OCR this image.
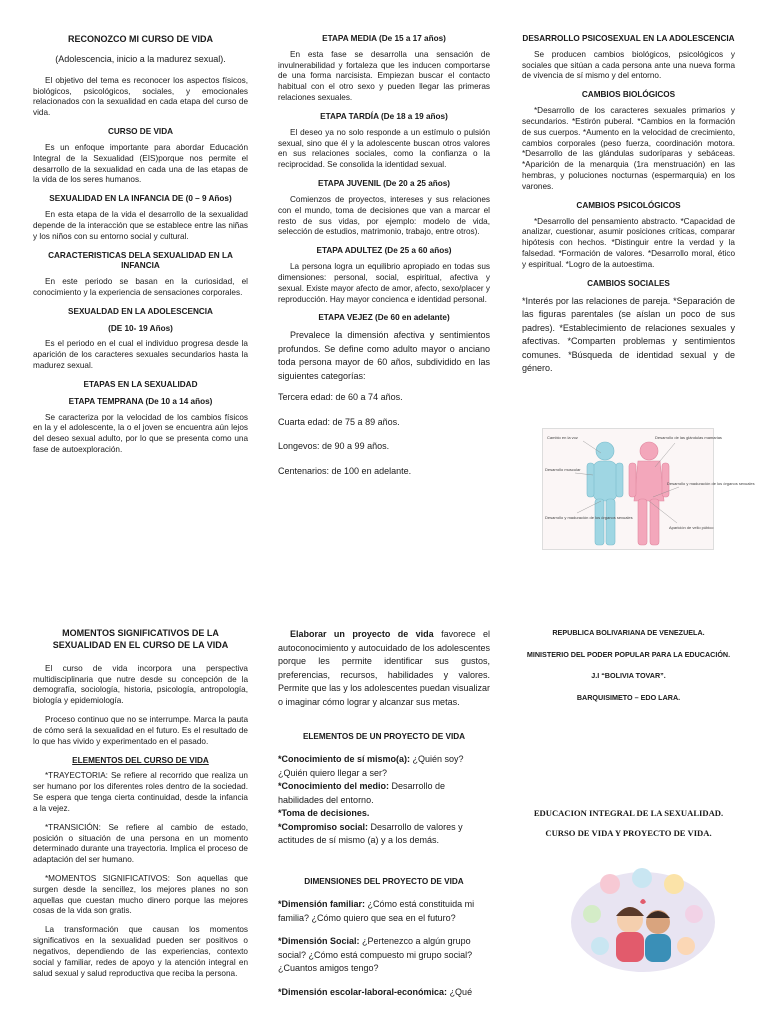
RECONOZCO MI CURSO DE VIDA
(Adolescencia, inicio a la madurez sexual).

El objetivo del tema es reconocer los aspectos físicos, biológicos, psicológicos, sociales, y emocionales relacionados con la sexualidad en cada etapa del curso de vida.

CURSO DE VIDA

Es un enfoque importante para abordar Educación Integral de la Sexualidad (EIS)porque nos permite el desarrollo de la sexualidad en cada una de las etapas de la vida de los seres humanos.

SEXUALIDAD EN LA INFANCIA DE (0 – 9 Años)

En esta etapa de la vida el desarrollo de la sexualidad depende de la interacción que se establece entre las niñas y los niños con su entorno social y cultural.

CARACTERISTICAS DELA SEXUALIDAD EN LA INFANCIA

En este periodo se basan en la curiosidad, el conocimiento y la experiencia de sensaciones corporales.

SEXUALDAD EN LA ADOLESCENCIA
(DE 10- 19 Años)

Es el periodo en el cual el individuo progresa desde la aparición de los caracteres sexuales secundarios hasta la madurez sexual.

ETAPAS EN LA SEXUALIDAD
ETAPA TEMPRANA (De 10 a 14 años)

Se caracteriza por la velocidad de los cambios físicos en la y el adolescente, la o el joven se encuentra aún lejos del deseo sexual adulto, por lo que se presenta como una fase de autoexploración.

ETAPA MEDIA (De 15 a 17 años)

En esta fase se desarrolla una sensación de invulnerabilidad y fortaleza que les inducen comportarse de una forma narcisista. Empiezan buscar el contacto habitual con el otro sexo y pueden llegar las primeras relaciones sexuales.

ETAPA TARDÍA (De 18 a 19 años)

El deseo ya no solo responde a un estímulo o pulsión sexual, sino que él y la adolescente buscan otros valores en sus relaciones sociales, como la confianza o la reciprocidad. Se consolida la identidad sexual.

ETAPA JUVENIL (De 20 a 25 años)

Comienzos de proyectos, intereses y sus relaciones con el mundo, toma de decisiones que van a marcar el resto de sus vidas, por ejemplo: modelo de vida, selección de estudios, matrimonio, trabajo, entre otros).

ETAPA ADULTEZ (De 25 a 60 años)

La persona logra un equilibrio apropiado en todas sus dimensiones: personal, social, espiritual, afectiva y sexual. Existe mayor afecto de amor, afecto, sexo/placer y reproducción. Hay mayor concienca e identidad personal.

ETAPA VEJEZ (De 60 en adelante)

Prevalece la dimensión afectiva y sentimientos profundos. Se define como adulto mayor o anciano toda persona mayor de 60 años, subdividido en las siguientes categorías:

Tercera edad: de 60 a 74 años.
Cuarta edad: de 75 a 89 años.
Longevos: de 90 a 99 años.
Centenarios: de 100 en adelante.
DESARROLLO PSICOSEXUAL EN LA ADOLESCENCIA

Se producen cambios biológicos, psicológicos y sociales que sitúan a cada persona ante una nueva forma de vivencia de sí mismo y del entorno.

CAMBIOS BIOLÓGICOS

*Desarrollo de los caracteres sexuales primarios y secundarios. *Estirón puberal. *Cambios en la formación de sus cuerpos. *Aumento en la velocidad de crecimiento, cambios corporales (peso fuerza, coordinación motora. *Desarrollo de las glándulas sudoríparas y sebáceas. *Aparición de la menarquia (1ra menstruación) en las hembras, y poluciones nocturnas (espermarquia) en los varones.

CAMBIOS PSICOLÓGICOS

*Desarrollo del pensamiento abstracto. *Capacidad de analizar, cuestionar, asumir posiciones críticas, comparar hipótesis con hechos. *Distinguir entre la verdad y la falsedad. *Formación de valores. *Desarrollo moral, ético y espiritual. *Logro de la autoestima.

CAMBIOS SOCIALES

*Interés por las relaciones de pareja. *Separación de las figuras parentales (se aíslan un poco de sus padres). *Establecimiento de relaciones sexuales y afectivas. *Comparten problemas y sentimientos comunes. *Búsqueda de identidad sexual y de género.

Cambio en la voz	Desarrollo de las glándulas mamarias
Desarrollo muscular
Desarrollo y maduración de los órganos sexuales
Desarrollo y maduración de los órganos sexuales
Aparición de vello púbico
MOMENTOS SIGNIFICATIVOS DE LA SEXUALIDAD EN EL CURSO DE LA VIDA

El curso de vida incorpora una perspectiva multidisciplinaria que nutre desde su concepción de la demografía, sociología, historia, psicología, antropología, biología y epidemiología.

Proceso continuo que no se interrumpe. Marca la pauta de cómo será la sexualidad en el futuro. Es el resultado de lo que has vivido y experimentado en el pasado.

ELEMENTOS DEL CURSO DE VIDA

*TRAYECTORIA: Se refiere al recorrido que realiza un ser humano por los diferentes roles dentro de la sociedad. Se espera que tenga cierta continuidad, desde la infancia a la vejez.

*TRANSICIÓN: Se refiere al cambio de estado, posición o situación de una persona en un momento determinado durante una trayectoria. Implica el proceso de adaptación del ser humano.

*MOMENTOS SIGNIFICATIVOS: Son aquellas que surgen desde la sencillez, los mejores planes no son aquellas que cuestan mucho dinero porque las mejores cosas de la vida son gratis.

La transformación que causan los momentos significativos en la sexualidad pueden ser positivos o negativos, dependiendo de las experiencias, contexto social y familiar, redes de apoyo y la atención integral en salud sexual y salud reproductiva que reciba la persona.

Elaborar un proyecto de vida favorece el autoconocimiento y autocuidado de los adolescentes porque les permite identificar sus gustos, preferencias, recursos, habilidades y valores. Permite que las y los adolescentes puedan visualizar o imaginar cómo lograr y alcanzar sus metas.

ELEMENTOS DE UN PROYECTO DE VIDA
*Conocimiento de sí mismo(a): ¿Quién soy? ¿Quién quiero llegar a ser?
*Conocimiento del medio: Desarrollo de habilidades del entorno.
*Toma de decisiones.
*Compromiso social: Desarrollo de valores y actitudes de sí mismo (a) y a los demás.
DIMENSIONES DEL PROYECTO DE VIDA
*Dimensión familiar: ¿Cómo está constituida mi familia? ¿Cómo quiero que sea en el futuro?
*Dimensión Social: ¿Pertenezco a algún grupo social? ¿Cómo está compuesto mi grupo social? ¿Cuantos amigos tengo?
*Dimensión escolar-laboral-económica: ¿Qué
REPUBLICA BOLIVARIANA DE VENEZUELA.
MINISTERIO DEL PODER POPULAR PARA LA EDUCACIÓN.
J.I “BOLIVIA TOVAR”.
BARQUISIMETO – EDO LARA.
EDUCACION INTEGRAL DE LA SEXUALIDAD.
CURSO DE VIDA Y PROYECTO DE VIDA.
